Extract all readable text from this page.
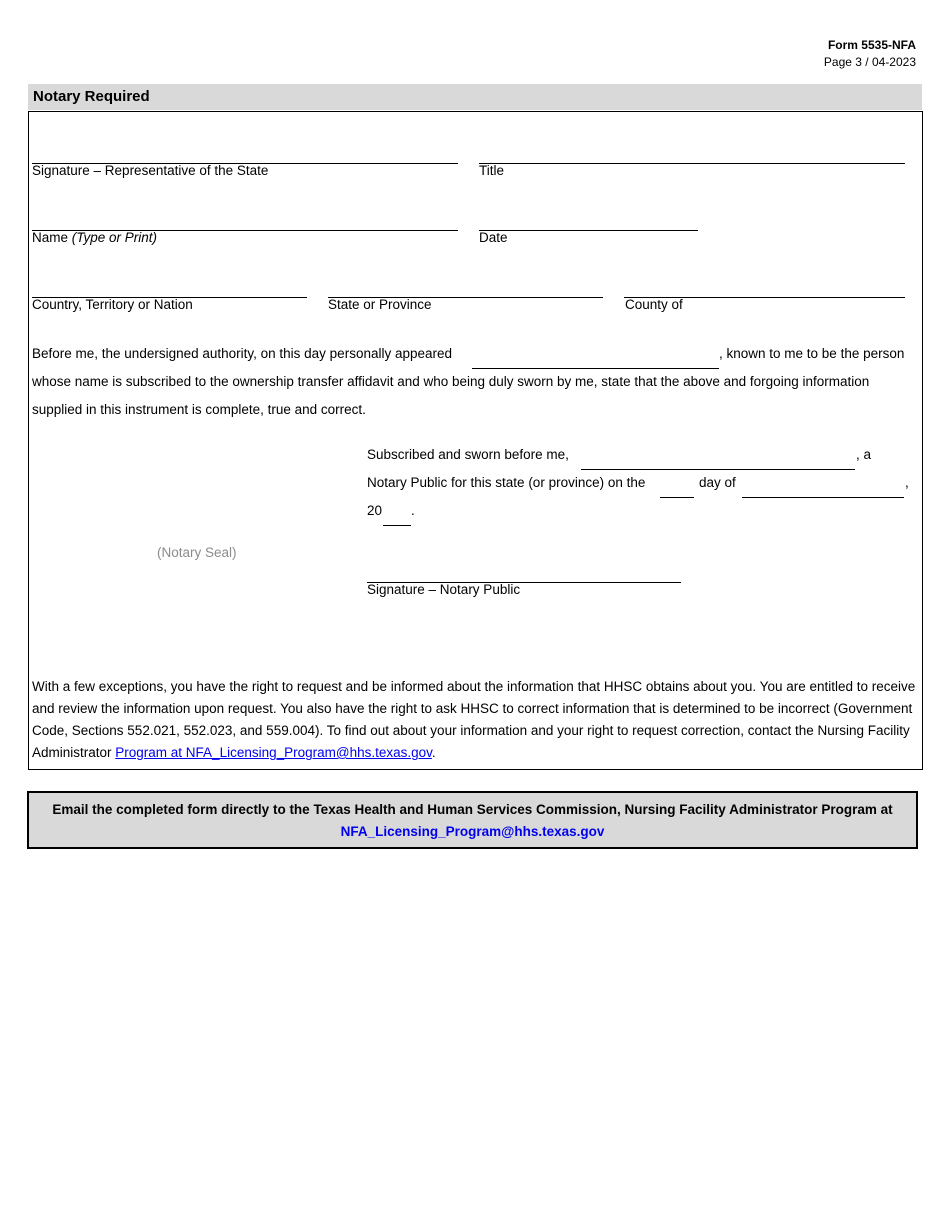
Form 5535-NFA
Page 3 / 04-2023
Notary Required
Signature – Representative of the State	Title
Name (Type or Print)	Date
Country, Territory or Nation	State or Province	County of
Before me, the undersigned authority, on this day personally appeared	, known to me to be the person
whose name is subscribed to the ownership transfer affidavit and who being duly sworn by me, state that the above and forgoing information
supplied in this instrument is complete, true and correct.
Subscribed and sworn before me,	, a
Notary Public for this state (or province) on the	day of	,
20 .
(Notary Seal)
Signature – Notary Public
With a few exceptions, you have the right to request and be informed about the information that HHSC obtains about you. You are entitled to receive and review the information upon request. You also have the right to ask HHSC to correct information that is determined to be incorrect (Government Code, Sections 552.021, 552.023, and 559.004). To find out about your information and your right to request correction, contact the Nursing Facility Administrator Program at NFA_Licensing_Program@hhs.texas.gov.
Email the completed form directly to the Texas Health and Human Services Commission, Nursing Facility Administrator Program at
NFA_Licensing_Program@hhs.texas.gov
